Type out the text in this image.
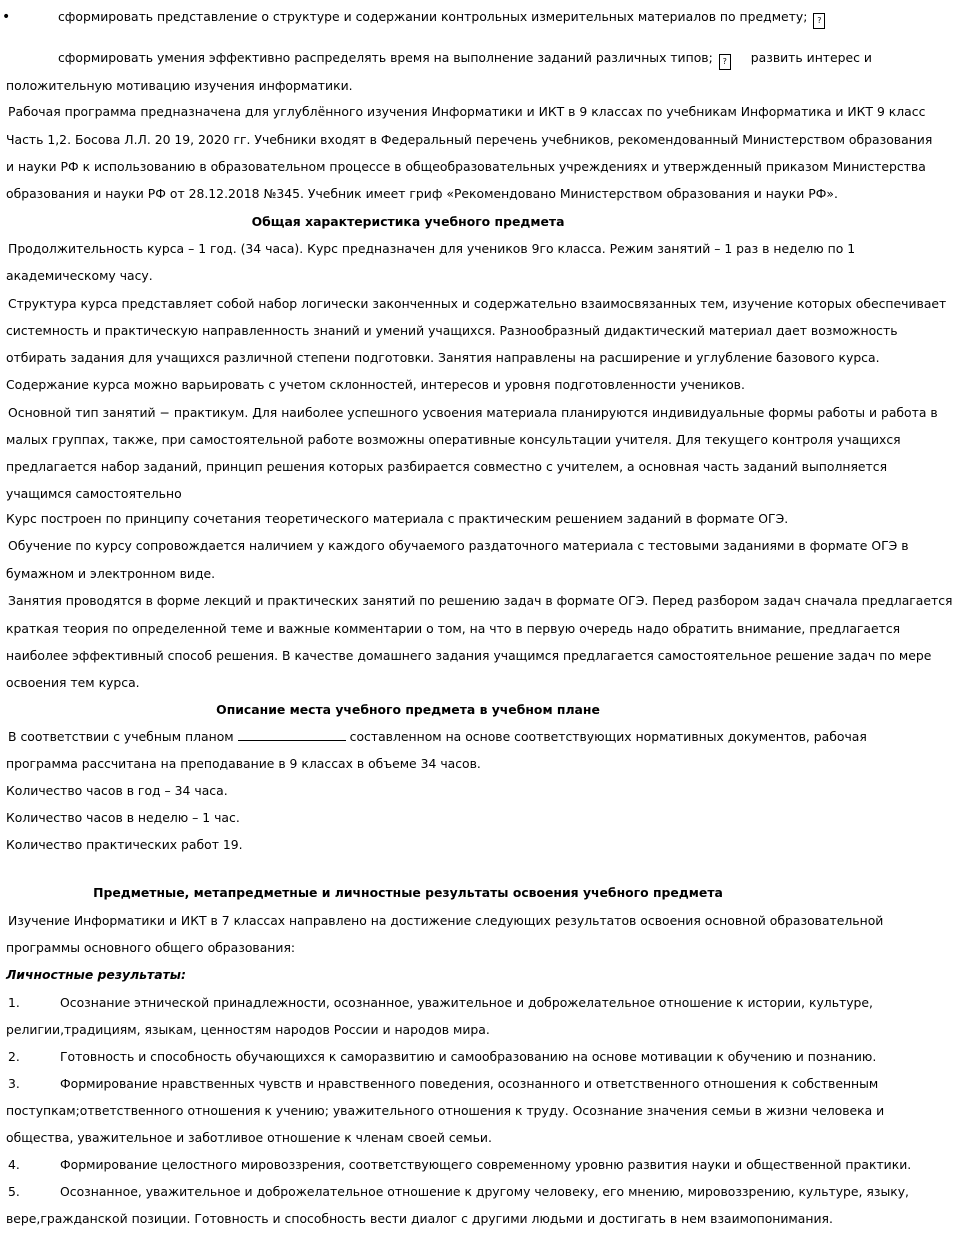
•	сформировать представление о структуре и содержании контрольных измерительных материалов по предмету; ?
сформировать умения эффективно распределять время на выполнение заданий различных типов; ? развить интерес и
положительную мотивацию изучения информатики.
Рабочая программа предназначена для углублённого изучения Информатики и ИКТ в 9 классах по учебникам Информатика и ИКТ 9 класс
Часть 1,2. Босова Л.Л. 20 19, 2020 гг. Учебники входят в Федеральный перечень учебников, рекомендованный Министерством образования
и науки РФ к использованию в образовательном процессе в общеобразовательных учреждениях и утвержденный приказом Министерства
образования и науки РФ от 28.12.2018 №345. Учебник имеет гриф «Рекомендовано Министерством образования и науки РФ».
Общая характеристика учебного предмета
Продолжительность курса – 1 год. (34 часа). Курс предназначен для учеников 9го класса. Режим занятий – 1 раз в неделю по 1
академическому часу.
Структура курса представляет собой набор логически законченных и содержательно взаимосвязанных тем, изучение которых обеспечивает
системность и практическую направленность знаний и умений учащихся. Разнообразный дидактический материал дает возможность
отбирать задания для учащихся различной степени подготовки. Занятия направлены на расширение и углубление базового курса.
Содержание курса можно варьировать с учетом склонностей, интересов и уровня подготовленности учеников.
Основной тип занятий − практикум. Для наиболее успешного усвоения материала планируются индивидуальные формы работы и работа в
малых группах, также, при самостоятельной работе возможны оперативные консультации учителя. Для текущего контроля учащихся
предлагается набор заданий, принцип решения которых разбирается совместно с учителем, а основная часть заданий выполняется
учащимся самостоятельно
Курс построен по принципу сочетания теоретического материала с практическим решением заданий в формате ОГЭ.
Обучение по курсу сопровождается наличием у каждого обучаемого раздаточного материала с тестовыми заданиями в формате ОГЭ в
бумажном и электронном виде.
Занятия проводятся в форме лекций и практических занятий по решению задач в формате ОГЭ. Перед разбором задач сначала предлагается
краткая теория по определенной теме и важные комментарии о том, на что в первую очередь надо обратить внимание, предлагается
наиболее эффективный способ решения. В качестве домашнего задания учащимся предлагается самостоятельное решение задач по мере
освоения тем курса.
Описание места учебного предмета в учебном плане
В соответствии с учебным планом	составленном на основе соответствующих нормативных документов, рабочая
программа рассчитана на преподавание в 9 классах в объеме 34 часов.
Количество часов в год – 34 часа.
Количество часов в неделю – 1 час.
Количество практических работ 19.
Предметные, метапредметные и личностные результаты освоения учебного предмета
Изучение Информатики и ИКТ в 7 классах направлено на достижение следующих результатов освоения основной образовательной
программы основного общего образования:
Личностные результаты:
1.	Осознание этнической принадлежности, осознанное, уважительное и доброжелательное отношение к истории, культуре,
религии,традициям, языкам, ценностям народов России и народов мира.
2.	Готовность и способность обучающихся к саморазвитию и самообразованию на основе мотивации к обучению и познанию.
3.	Формирование нравственных чувств и нравственного поведения, осознанного и ответственного отношения к собственным
поступкам;ответственного отношения к учению; уважительного отношения к труду. Осознание значения семьи в жизни человека и
общества, уважительное и заботливое отношение к членам своей семьи.
4.	Формирование целостного мировоззрения, соответствующего современному уровню развития науки и общественной практики.
5.	Осознанное, уважительное и доброжелательное отношение к другому человеку, его мнению, мировоззрению, культуре, языку,
вере,гражданской позиции. Готовность и способность вести диалог с другими людьми и достигать в нем взаимопонимания.
